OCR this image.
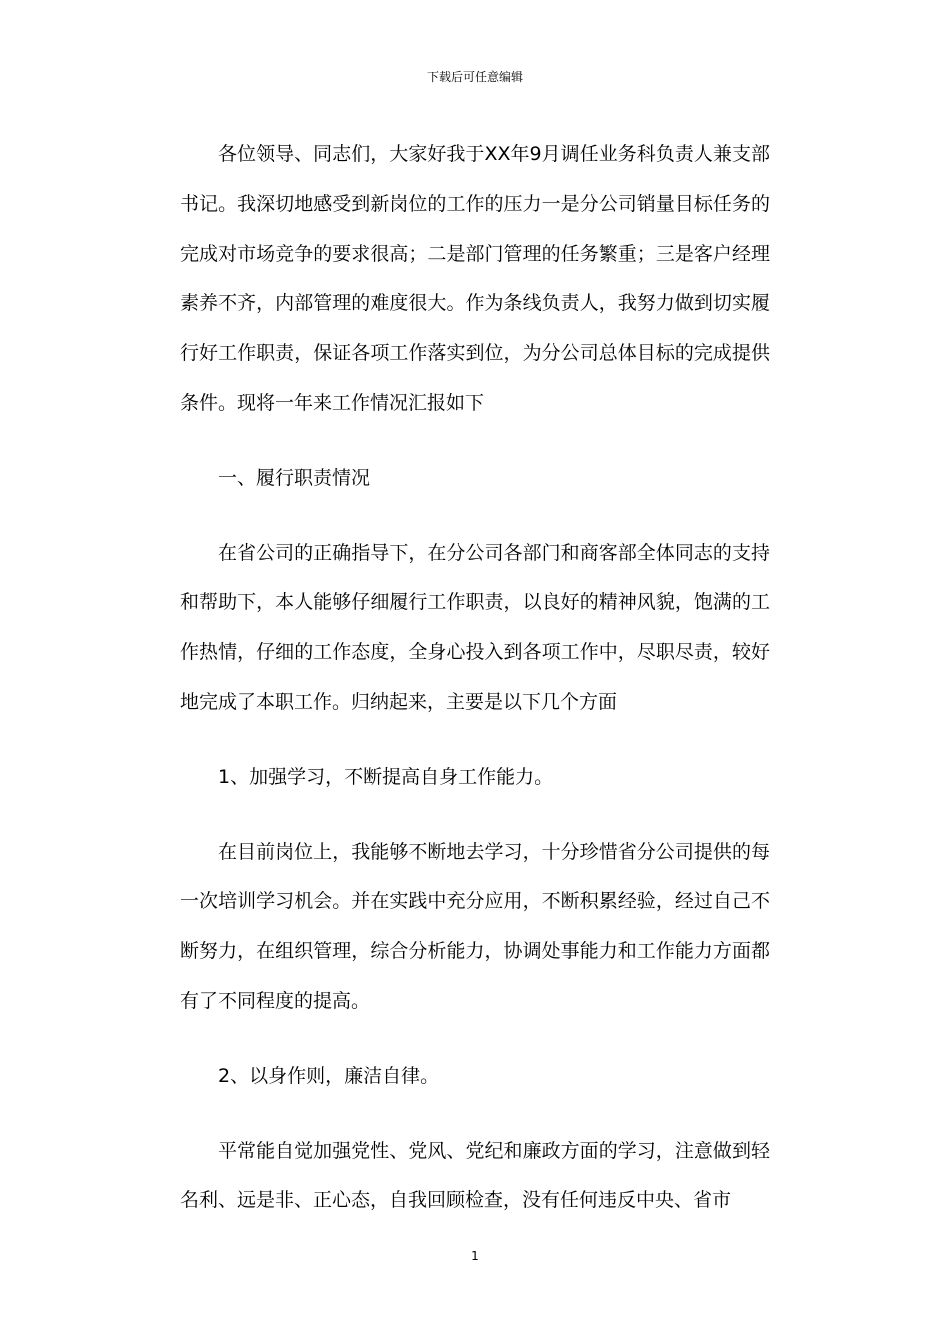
下载后可任意编辑

各位领导、同志们，大家好我于XX年9月调任业务科负责人兼支部书记。我深切地感受到新岗位的工作的压力一是分公司销量目标任务的完成对市场竞争的要求很高；二是部门管理的任务繁重；三是客户经理素养不齐，内部管理的难度很大。作为条线负责人，我努力做到切实履行好工作职责，保证各项工作落实到位，为分公司总体目标的完成提供条件。现将一年来工作情况汇报如下

一、履行职责情况

在省公司的正确指导下，在分公司各部门和商客部全体同志的支持和帮助下，本人能够仔细履行工作职责，以良好的精神风貌，饱满的工作热情，仔细的工作态度，全身心投入到各项工作中，尽职尽责，较好地完成了本职工作。归纳起来，主要是以下几个方面

1、加强学习，不断提高自身工作能力。

在目前岗位上，我能够不断地去学习，十分珍惜省分公司提供的每一次培训学习机会。并在实践中充分应用，不断积累经验，经过自己不断努力，在组织管理，综合分析能力，协调处事能力和工作能力方面都有了不同程度的提高。

2、以身作则，廉洁自律。

平常能自觉加强党性、党风、党纪和廉政方面的学习，注意做到轻名利、远是非、正心态，自我回顾检查，没有任何违反中央、省市

1
